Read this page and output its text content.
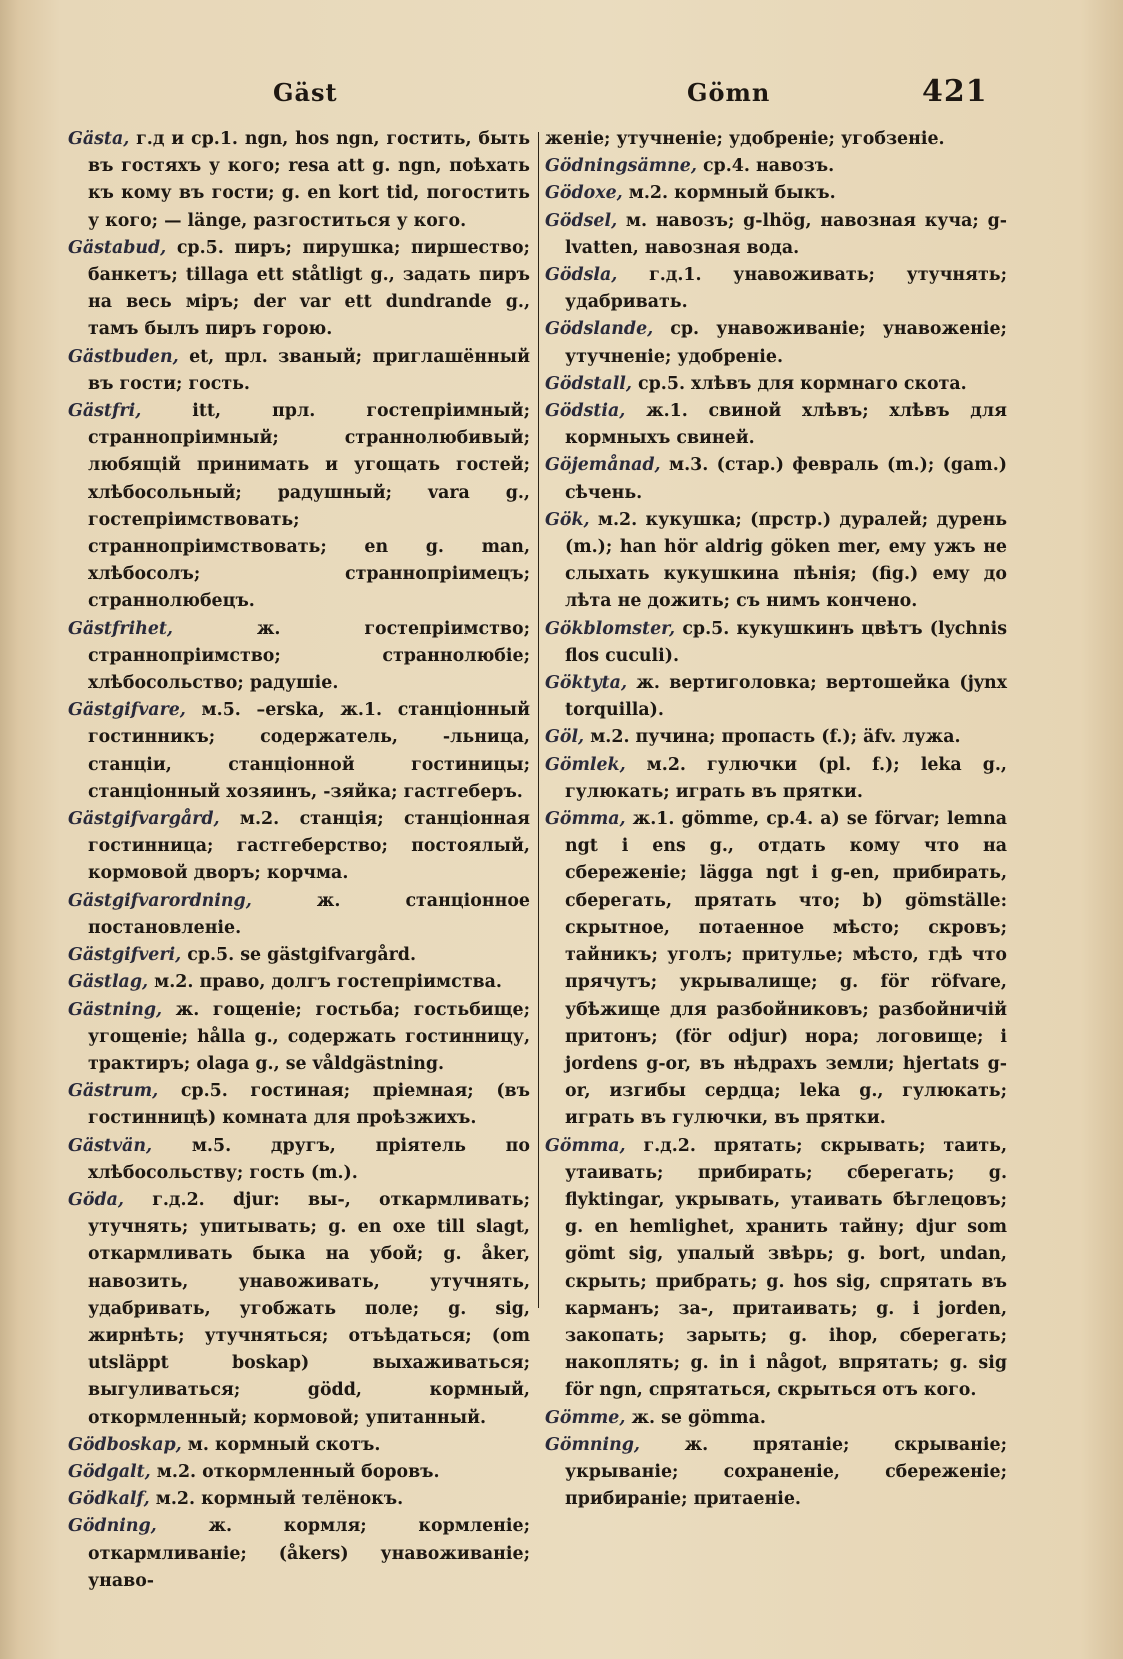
Gäst	Gömn	421
Gästa, г.д и ср.1. ngn, hos ngn, гостить, быть въ гостяхъ у кого; resa att g. ngn, поѣхать къ кому въ гости; g. en kort tid, погостить у кого; — länge, разгоститься у кого.
Gästabud, ср.5. пиръ; пирушка; пиршество; банкетъ; tillaga ett ståtligt g., задать пиръ на весь міръ; der var ett dundrande g., тамъ былъ пиръ горою.
Gästbuden, et, прл. званый; приглашённый въ гости; гость.
Gästfri,	itt, прл. гостепріимный; страннопріимный; страннолюбивый; любящій принимать и угощать гостей; хлѣбосольный; радушный; vara g., гостепріимствовать; страннопріимствовать; en g. man, хлѣбосолъ; страннопріимецъ; страннолюбецъ.
Gästfrihet,	ж. гостепріимство; страннопріимство; страннолюбіе; хлѣбосольство; радушіе.
Gästgifvare, м.5. –erska, ж.1. станціонный гостинникъ; содержатель, -льница, станціи, станціонной гостиницы; станціонный хозяинъ, -зяйка; гастгеберъ.
Gästgifvargård, м.2. станція; станціонная гостинница; гастгеберство; постоялый, кормовой дворъ; корчма.
Gästgifvarordning,	ж. станціонное постановленіе.
Gästgifveri, ср.5. se gästgifvargård.
Gästlag, м.2. право, долгъ гостепріимства.
Gästning, ж. гощеніе; гостьба; гостьбище; угощеніе; hålla g., содержать гостинницу, трактиръ; olaga g., se våldgästning.
Gästrum, ср.5. гостиная; пріемная; (въ гостинницѣ) комната для проѣзжихъ.
Gästvän, м.5. другъ, пріятель по хлѣбосольству; гость (m.).
Göda, г.д.2. djur: вы-, откармливать; утучнять; упитывать; g. en oxe till slagt, откармливать быка на убой; g. åker, навозить, унавоживать, утучнять, удабривать, угобжать поле; g. sig, жирнѣть; утучняться; отъѣдаться; (om utsläppt boskap) выхаживаться; выгуливаться; gödd, кормный, откормленный; кормовой; упитанный.
Gödboskap, м. кормный скотъ.
Gödgalt, м.2. откормленный боровъ.
Gödkalf, м.2. кормный телёнокъ.
Gödning,	ж. кормля; кормленіе; откармливаніе; (åkers) унавоживаніе; унаво-
женіе; утучненіе; удобреніе; угобзеніе.
Gödningsämne, ср.4. навозъ.
Gödoxe, м.2. кормный быкъ.
Gödsel, м. навозъ; g-lhög, навозная куча; g-lvatten, навозная вода.
Gödsla, г.д.1. унавоживать; утучнять; удабривать.
Gödslande, ср. унавоживаніе; унавоженіе; утучненіе; удобреніе.
Gödstall, ср.5. хлѣвъ для кормнаго скота.
Gödstia, ж.1. свиной хлѣвъ; хлѣвъ для кормныхъ свиней.
Göjemånad, м.3. (стар.) февраль (m.); (gam.) сѣчень.
Gök, м.2. кукушка; (прстр.) дуралей; дурень (m.); han hör aldrig göken mer, ему ужъ не слыхать кукушкина пѣнія; (fig.) ему до лѣта не дожить; съ нимъ кончено.
Gökblomster, ср.5. кукушкинъ цвѣтъ (lychnis flos cuculi).
Göktyta, ж. вертиголовка; вертошейка (jynx torquilla).
Göl, м.2. пучина; пропасть (f.); äfv. лужа.
Gömlek, м.2. гулючки (pl. f.); leka g., гулюкать; играть въ прятки.
Gömma, ж.1. gömme, ср.4. a) se förvar; lemna ngt i ens g., отдать кому что на сбереженіе; lägga ngt i g-en, прибирать, сберегать, прятать что; b) gömställe: скрытное, потаенное мѣсто; скровъ; тайникъ; уголъ; притулье; мѣсто, гдѣ что прячутъ; укрывалище; g. för röfvare, убѣжище для разбойниковъ; разбойничій притонъ; (för odjur) нора; логовище; i jordens g-or, въ нѣдрахъ земли; hjertats g-or, изгибы сердца; leka g., гулюкать; играть въ гулючки, въ прятки.
Gömma, г.д.2. прятать; скрывать; таить, утаивать; прибирать; сберегать; g. flyktingar, укрывать, утаивать бѣглецовъ; g. en hemlighet, хранить тайну; djur som gömt sig, упалый звѣрь; g. bort, undan, скрыть; прибрать; g. hos sig, спрятать въ карманъ; за-, притаивать; g. i jorden, закопать; зарыть; g. ihop, сберегать; накоплять; g. in i något, впрятать; g. sig för ngn, спрятаться, скрыться отъ кого.
Gömme, ж. se gömma.
Gömning,	ж. прятаніе; скрываніе; укрываніе; сохраненіе, сбереженіе; прибираніе; притаеніе.
